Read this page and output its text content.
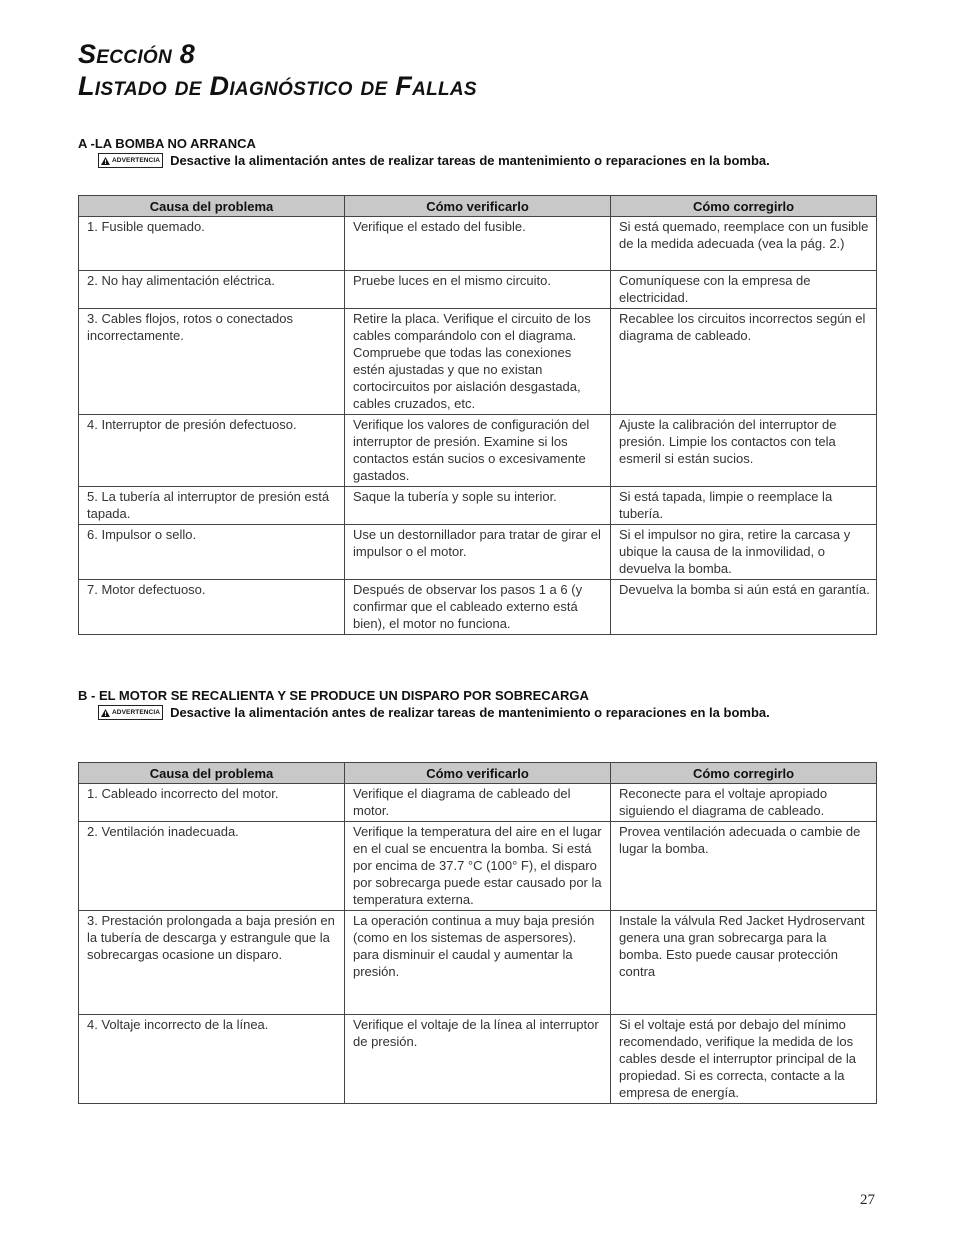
Sección 8
Listado de Diagnóstico de Fallas
A -LA BOMBA NO ARRANCA
ADVERTENCIA Desactive la alimentación antes de realizar tareas de mantenimiento o reparaciones en la bomba.
Causa del problema	Cómo verificarlo	Cómo corregirlo
1. Fusible quemado.	Verifique el estado del fusible.	Si está quemado, reemplace con un fusible de la medida adecuada (vea la pág. 2.)
2. No hay alimentación eléctrica.	Pruebe luces en el mismo circuito.	Comuníquese con la empresa de electricidad.
3. Cables flojos, rotos o conectados incorrectamente.	Retire la placa. Verifique el circuito de los cables comparándolo con el diagrama. Compruebe que todas las conexiones estén ajustadas y que no existan cortocircuitos por aislación desgastada, cables cruzados, etc.	Recablee los circuitos incorrectos según el diagrama de cableado.
4. Interruptor de presión defectuoso.	Verifique los valores de configuración del interruptor de presión. Examine si los contactos están sucios o excesivamente gastados.	Ajuste la calibración del interruptor de presión. Limpie los contactos con tela esmeril si están sucios.
5. La tubería al interruptor de presión está tapada.	Saque la tubería y sople su interior.	Si está tapada, limpie o reemplace la tubería.
6. Impulsor o sello.	Use un destornillador para tratar de girar el impulsor o el motor.	Si el impulsor no gira, retire la carcasa y ubique la causa de la inmovilidad, o devuelva la bomba.
7. Motor defectuoso.	Después de observar los pasos 1 a 6 (y confirmar que el cableado externo está bien), el motor no funciona.	Devuelva la bomba si aún está en garantía.
B - EL MOTOR SE RECALIENTA Y SE PRODUCE UN DISPARO POR SOBRECARGA
ADVERTENCIA Desactive la alimentación antes de realizar tareas de mantenimiento o reparaciones en la bomba.
Causa del problema	Cómo verificarlo	Cómo corregirlo
1. Cableado incorrecto del motor.	Verifique el diagrama de cableado del motor.	Reconecte para el voltaje apropiado siguiendo el diagrama de cableado.
2. Ventilación inadecuada.	Verifique la temperatura del aire en el lugar en el cual se encuentra la bomba. Si está por encima de 37.7 °C (100° F), el disparo por sobrecarga puede estar causado por la temperatura externa.	Provea ventilación adecuada o cambie de lugar la bomba.
3. Prestación prolongada a baja presión en la tubería de descarga y estrangule que la sobrecargas ocasione un disparo.	La operación continua a muy baja presión (como en los sistemas de aspersores). para disminuir el caudal y aumentar la presión.	Instale la válvula Red Jacket Hydroservant genera una gran sobrecarga para la bomba. Esto puede causar protección contra
4. Voltaje incorrecto de la línea.	Verifique el voltaje de la línea al interruptor de presión.	Si el voltaje está por debajo del mínimo recomendado, verifique la medida de los cables desde el interruptor principal de la propiedad. Si es correcta, contacte a la empresa de energía.
27
